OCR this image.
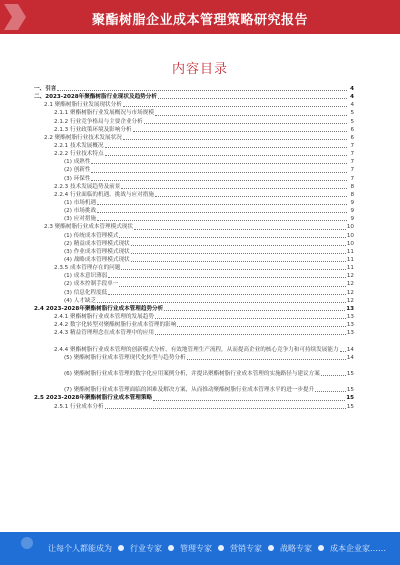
聚酯树脂企业成本管理策略研究报告
内容目录
一、引言	4
二、2023-2028年聚酯树脂行业现状及趋势分析	4
2.1 聚酯树脂行业发展现状分析	4
2.1.1 聚酯树脂行业发展概况与市场规模	5
2.1.2 行业竞争格局与主要企业分析	5
2.1.3 行业政策环境及影响分析	6
2.2 聚酯树脂行业技术发展状况	6
2.2.1 技术发展概况	7
2.2.2 行业技术特点	7
(1) 成熟性	7
(2) 创新性	7
(3) 环保性	7
2.2.3 技术发展趋势及前景	8
2.2.4 行业面临的机遇、挑战与应对措施	8
(1) 市场机遇	9
(2) 市场挑战	9
(3) 应对措施	9
2.3 聚酯树脂行业成本管理模式现状	10
(1) 传统成本管理模式	10
(2) 精益成本管理模式现状	10
(3) 作业成本管理模式现状	11
(4) 战略成本管理模式现状	11
2.3.5 成本管理存在的问题	11
(1) 成本意识薄弱	12
(2) 成本控制手段单一	12
(3) 信息化程度低	12
(4) 人才缺乏	12
2.4 2023-2028年聚酯树脂行业成本管理趋势分析	13
2.4.1 聚酯树脂行业成本管理的发展趋势	13
2.4.2 数字化转型对聚酯树脂行业成本管理的影响	13
2.4.3 精益管理理念在成本管理中的应用	13
2.4.4 聚酯树脂行业成本管理的创新模式分析，有效地管理生产流程，从而提高企业的核心竞争力和可持续发展能力 14
(5) 聚酯树脂行业成本管理现代化转型与趋势分析	14
(6) 聚酯树脂行业成本管理的数字化应用案例分析，并提出聚酯树脂行业成本管理的实施路径与建议方案	15
(7) 聚酯树脂行业成本管理面临的困难及解决方案，从而推动聚酯树脂行业成本管理水平的进一步提升	15
2.5 2023-2028年聚酯树脂行业成本管理策略	15
2.5.1 行业成本分析	15
让每个人都能成为 行业专家 管理专家 营销专家 战略专家 成本企业家……
